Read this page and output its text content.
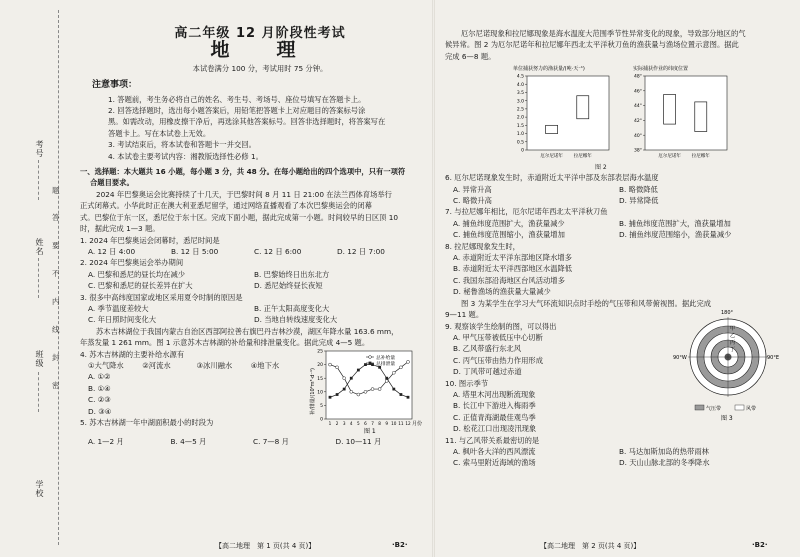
考号
姓名
班级
学校
题
答
要
不
内
线
封
密
高二年级 12 月阶段性考试
地　理
本试卷满分 100 分，考试用时 75 分钟。
注意事项：

1. 答题前，考生务必将自己的姓名、考生号、考场号、座位号填写在答题卡上。

2. 回答选择题时，选出每小题答案后，用铅笔把答题卡上对应题目的答案标号涂

黑。如需改动，用橡皮擦干净后，再选涂其他答案标号。回答非选择题时，将答案写在

答题卡上。写在本试卷上无效。

3. 考试结束后，将本试卷和答题卡一并交回。

4. 本试卷主要考试内容：湘教版选择性必修 1。

一、选择题：本大题共 16 小题，每小题 3 分，共 48 分。在每小题给出的四个选项中，只有一项符
合题目要求。

2024 年巴黎奥运会比赛持续了十几天，于巴黎时间 8 月 11 日 21:00 在法兰西体育场举行

正式闭幕式。小华此时正在澳大利亚悉尼留学，通过网络直播观看了本次巴黎奥运会的闭幕

式。巴黎位于东一区，悉尼位于东十区。完成下面小题，据此完成第一小题。时间较早的日区顶 10

时，据此完成 1—3 题。

1. 2024 年巴黎奥运会闭幕时，悉尼时间是

A. 12 日 4:00	B. 12 日 5:00	C. 12 日 6:00	D. 12 日 7:00

2. 2024 年巴黎奥运会举办期间

A. 巴黎和悉尼的昼长均在减少	B. 巴黎始终日出东北方
C. 巴黎和悉尼的昼长差异在扩大	D. 悉尼始终昼长夜短

3. 很多中高纬度国家或地区采用夏令时制的原因是

A. 季节温度差较大	B. 正午太阳高度变化大
C. 年日照时间变化大	D. 当地自转线速度变化大

苏木吉林湖位于我国内蒙古自治区西部阿拉善右旗巴丹吉林沙漠，湖区年降水量 163.6 mm，

年蒸发量 1 261 mm。图 1 示意苏木吉林湖的补给量和排泄量变化。据此完成 4—5 题。

4. 苏木吉林湖的主要补给水源有

①大气降水	②河流水	③冰川融水	④地下水
A. ①②
B. ①④
C. ②③
D. ③④

5. 苏木吉林湖一年中湖面积最小的时段为

A. 1—2 月	B. 4—5 月	C. 7—8 月	D. 10—11 月
0
5
10
15
20
25
1 2 3 4 5 6 7 8 9 10 11 12
总补给量
总排泄量
补/排量/(10⁴m³·d⁻¹)
月份
图 1
【高二地理　第 1 页(共 4 页)】	·B2·

厄尔尼诺现象和拉尼娜现象是海水温度大范围季节性异常变化的现象，导致部分地区的气

候异常。图 2 为厄尔尼诺年和拉尼娜年西北太平洋秋刀鱼的渔获量与渔场位置示意图。据此

完成 6—8 题。

单位捕获努力的渔获量/(吨·天⁻¹)
4.5
4.0
3.5
3.0
2.5
2.0
1.5
1.0
0.5
0
厄尔尼诺年 拉尼娜年
实际捕获作业的纬度位置
48°
46°
44°
42°
40°
38°
厄尔尼诺年 拉尼娜年
图 2

6. 厄尔尼诺现象发生时，赤道附近太平洋中部及东部表层海水温度

A. 异常升高	B. 略微降低
C. 略微升高	D. 异常降低

7. 与拉尼娜年相比，厄尔尼诺年西北太平洋秋刀鱼

A. 捕鱼纬度范围扩大，渔获量减少	B. 捕鱼纬度范围扩大，渔获量增加
C. 捕鱼纬度范围缩小，渔获量增加	D. 捕鱼纬度范围缩小，渔获量减少

8. 拉尼娜现象发生时，

A. 赤道附近太平洋东部地区降水增多
B. 赤道附近太平洋西部地区水温降低
C. 我国东部沿海地区台风活动增多
D. 秘鲁渔场的渔获量大量减少

图 3 为某学生在学习大气环流知识点时手绘的气压带和风带俯视图。据此完成

9—11 题。

9. 观察该学生绘制的图，可以得出

A. 甲气压带被低压中心切断
B. 乙风带盛行东北风
C. 丙气压带由热力作用形成
D. 丁风带可越过赤道

10. 图示季节

A. 塔里木河出现断流现象
B. 长江中下游进入梅雨季
C. 正值青海湖最佳观鸟季
D. 松花江口出现凌汛现象
180°
90°W	90°E
甲
乙
丙
丁
气压带	风带
图 3

11. 与乙风带关系最密切的是

A. 枫叶各大洋的西风漂流	B. 马达加斯加岛的热带雨林
C. 索马里附近海域的渔场	D. 天山山脉北部的冬季降水
【高二地理　第 2 页(共 4 页)】	·B2·
